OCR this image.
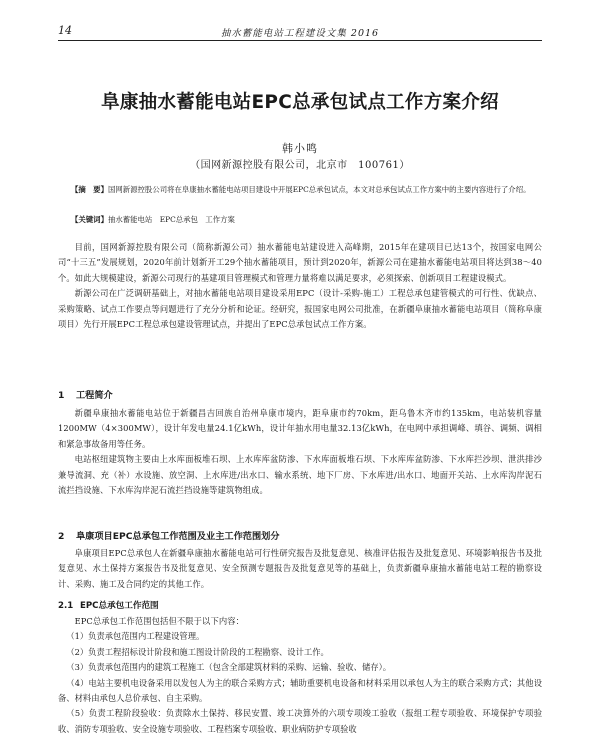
14	抽水蓄能电站工程建设文集 2016
阜康抽水蓄能电站EPC总承包试点工作方案介绍
韩小鸣
（国网新源控股有限公司，北京市　100761）
【摘　要】国网新源控股公司将在阜康抽水蓄能电站项目建设中开展EPC总承包试点，本文对总承包试点工作方案中的主要内容进行了介绍。
【关键词】抽水蓄能电站　EPC总承包　工作方案

目前，国网新源控股有限公司（简称新源公司）抽水蓄能电站建设进入高峰期，2015年在建项目已达13个，按国家电网公司“十三五”发展规划，2020年前计划新开工29个抽水蓄能项目，预计到2020年，新源公司在建抽水蓄能电站项目将达到38～40个。如此大规模建设，新源公司现行的基建项目管理模式和管理力量将难以满足要求，必须探索、创新项目工程建设模式。

新源公司在广泛调研基础上，对抽水蓄能电站项目建设采用EPC（设计-采购-施工）工程总承包建管模式的可行性、优缺点、采购策略、试点工作要点等问题进行了充分分析和论证。经研究，报国家电网公司批准，在新疆阜康抽水蓄能电站项目（简称阜康项目）先行开展EPC工程总承包建设管理试点，并提出了EPC总承包试点工作方案。

1 工程简介

新疆阜康抽水蓄能电站位于新疆昌吉回族自治州阜康市境内，距阜康市约70km，距乌鲁木齐市约135km，电站装机容量1200MW（4×300MW），设计年发电量24.1亿kWh，设计年抽水用电量32.13亿kWh，在电网中承担调峰、填谷、调频、调相和紧急事故备用等任务。

电站枢纽建筑物主要由上水库面板堆石坝、上水库库盆防渗、下水库面板堆石坝、下水库库盆防渗、下水库拦沙坝、泄洪排沙兼导流洞、充（补）水设施、放空洞、上水库进/出水口、输水系统、地下厂房、下水库进/出水口、地面开关站、上水库沟岸泥石流拦挡设施、下水库沟岸泥石流拦挡设施等建筑物组成。

2 阜康项目EPC总承包工作范围及业主工作范围划分

阜康项目EPC总承包人在新疆阜康抽水蓄能电站可行性研究报告及批复意见、核准评估报告及批复意见、环境影响报告书及批复意见、水土保持方案报告书及批复意见、安全预测专题报告及批复意见等的基础上，负责新疆阜康抽水蓄能电站工程的勘察设计、采购、施工及合同约定的其他工作。

2.1 EPC总承包工作范围

EPC总承包工作范围包括但不限于以下内容：

（1）负责承包范围内工程建设管理。

（2）负责工程招标设计阶段和施工图设计阶段的工程勘察、设计工作。

（3）负责承包范围内的建筑工程施工（包含全部建筑材料的采购、运输、验收、储存）。

（4）电站主要机电设备采用以发包人为主的联合采购方式；辅助重要机电设备和材料采用以承包人为主的联合采购方式；其他设备、材料由承包人总价承包、自主采购。

（5）负责工程阶段验收：负责除水土保持、移民安置、竣工决算外的六项专项竣工验收（报组工程专项验收、环境保护专项验收、消防专项验收、安全设施专项验收、工程档案专项验收、职业病防护专项验收
